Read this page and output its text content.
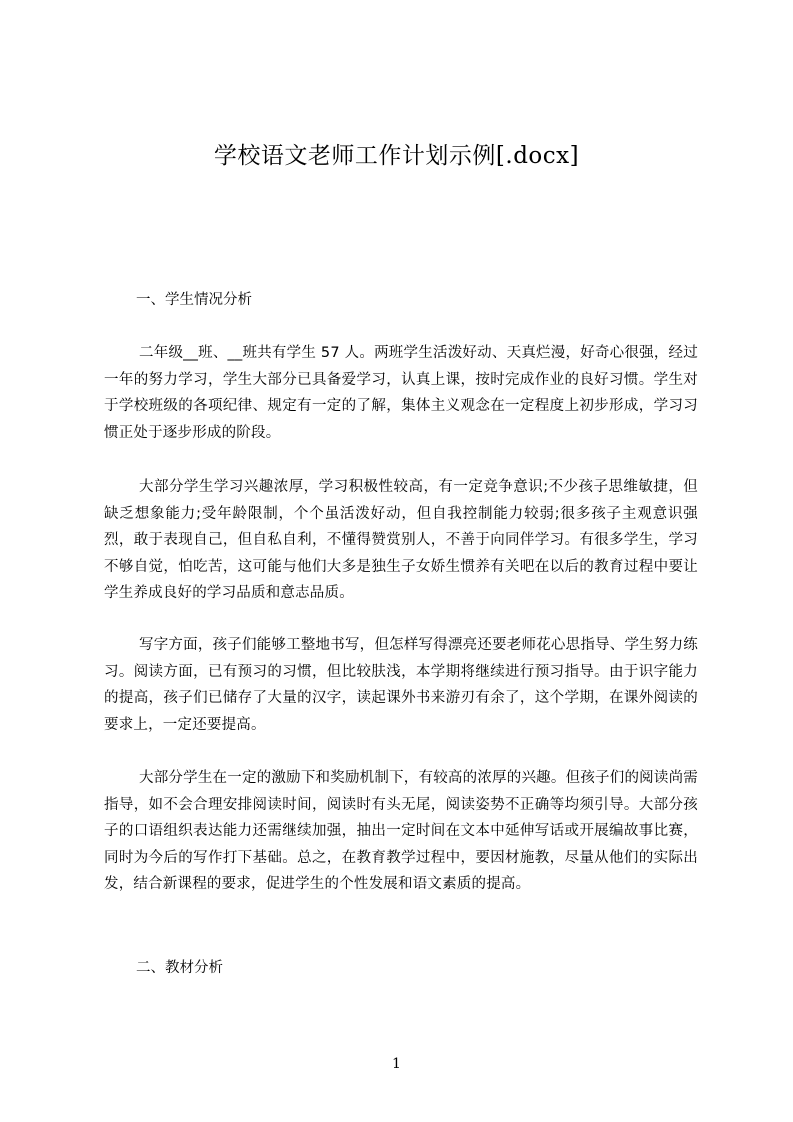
学校语文老师工作计划示例[.docx]
一、学生情况分析
二年级__班、__班共有学生 57 人。两班学生活泼好动、天真烂漫，好奇心很强，经过一年的努力学习，学生大部分已具备爱学习，认真上课，按时完成作业的良好习惯。学生对于学校班级的各项纪律、规定有一定的了解，集体主义观念在一定程度上初步形成，学习习惯正处于逐步形成的阶段。
大部分学生学习兴趣浓厚，学习积极性较高，有一定竞争意识;不少孩子思维敏捷，但缺乏想象能力;受年龄限制，个个虽活泼好动，但自我控制能力较弱;很多孩子主观意识强烈，敢于表现自己，但自私自利，不懂得赞赏别人，不善于向同伴学习。有很多学生，学习不够自觉，怕吃苦，这可能与他们大多是独生子女娇生惯养有关吧在以后的教育过程中要让学生养成良好的学习品质和意志品质。
写字方面，孩子们能够工整地书写，但怎样写得漂亮还要老师花心思指导、学生努力练习。阅读方面，已有预习的习惯，但比较肤浅，本学期将继续进行预习指导。由于识字能力的提高，孩子们已储存了大量的汉字，读起课外书来游刃有余了，这个学期，在课外阅读的要求上，一定还要提高。
大部分学生在一定的激励下和奖励机制下，有较高的浓厚的兴趣。但孩子们的阅读尚需指导，如不会合理安排阅读时间，阅读时有头无尾，阅读姿势不正确等均须引导。大部分孩子的口语组织表达能力还需继续加强，抽出一定时间在文本中延伸写话或开展编故事比赛，同时为今后的写作打下基础。总之，在教育教学过程中，要因材施教，尽量从他们的实际出发，结合新课程的要求，促进学生的个性发展和语文素质的提高。
二、教材分析
1
